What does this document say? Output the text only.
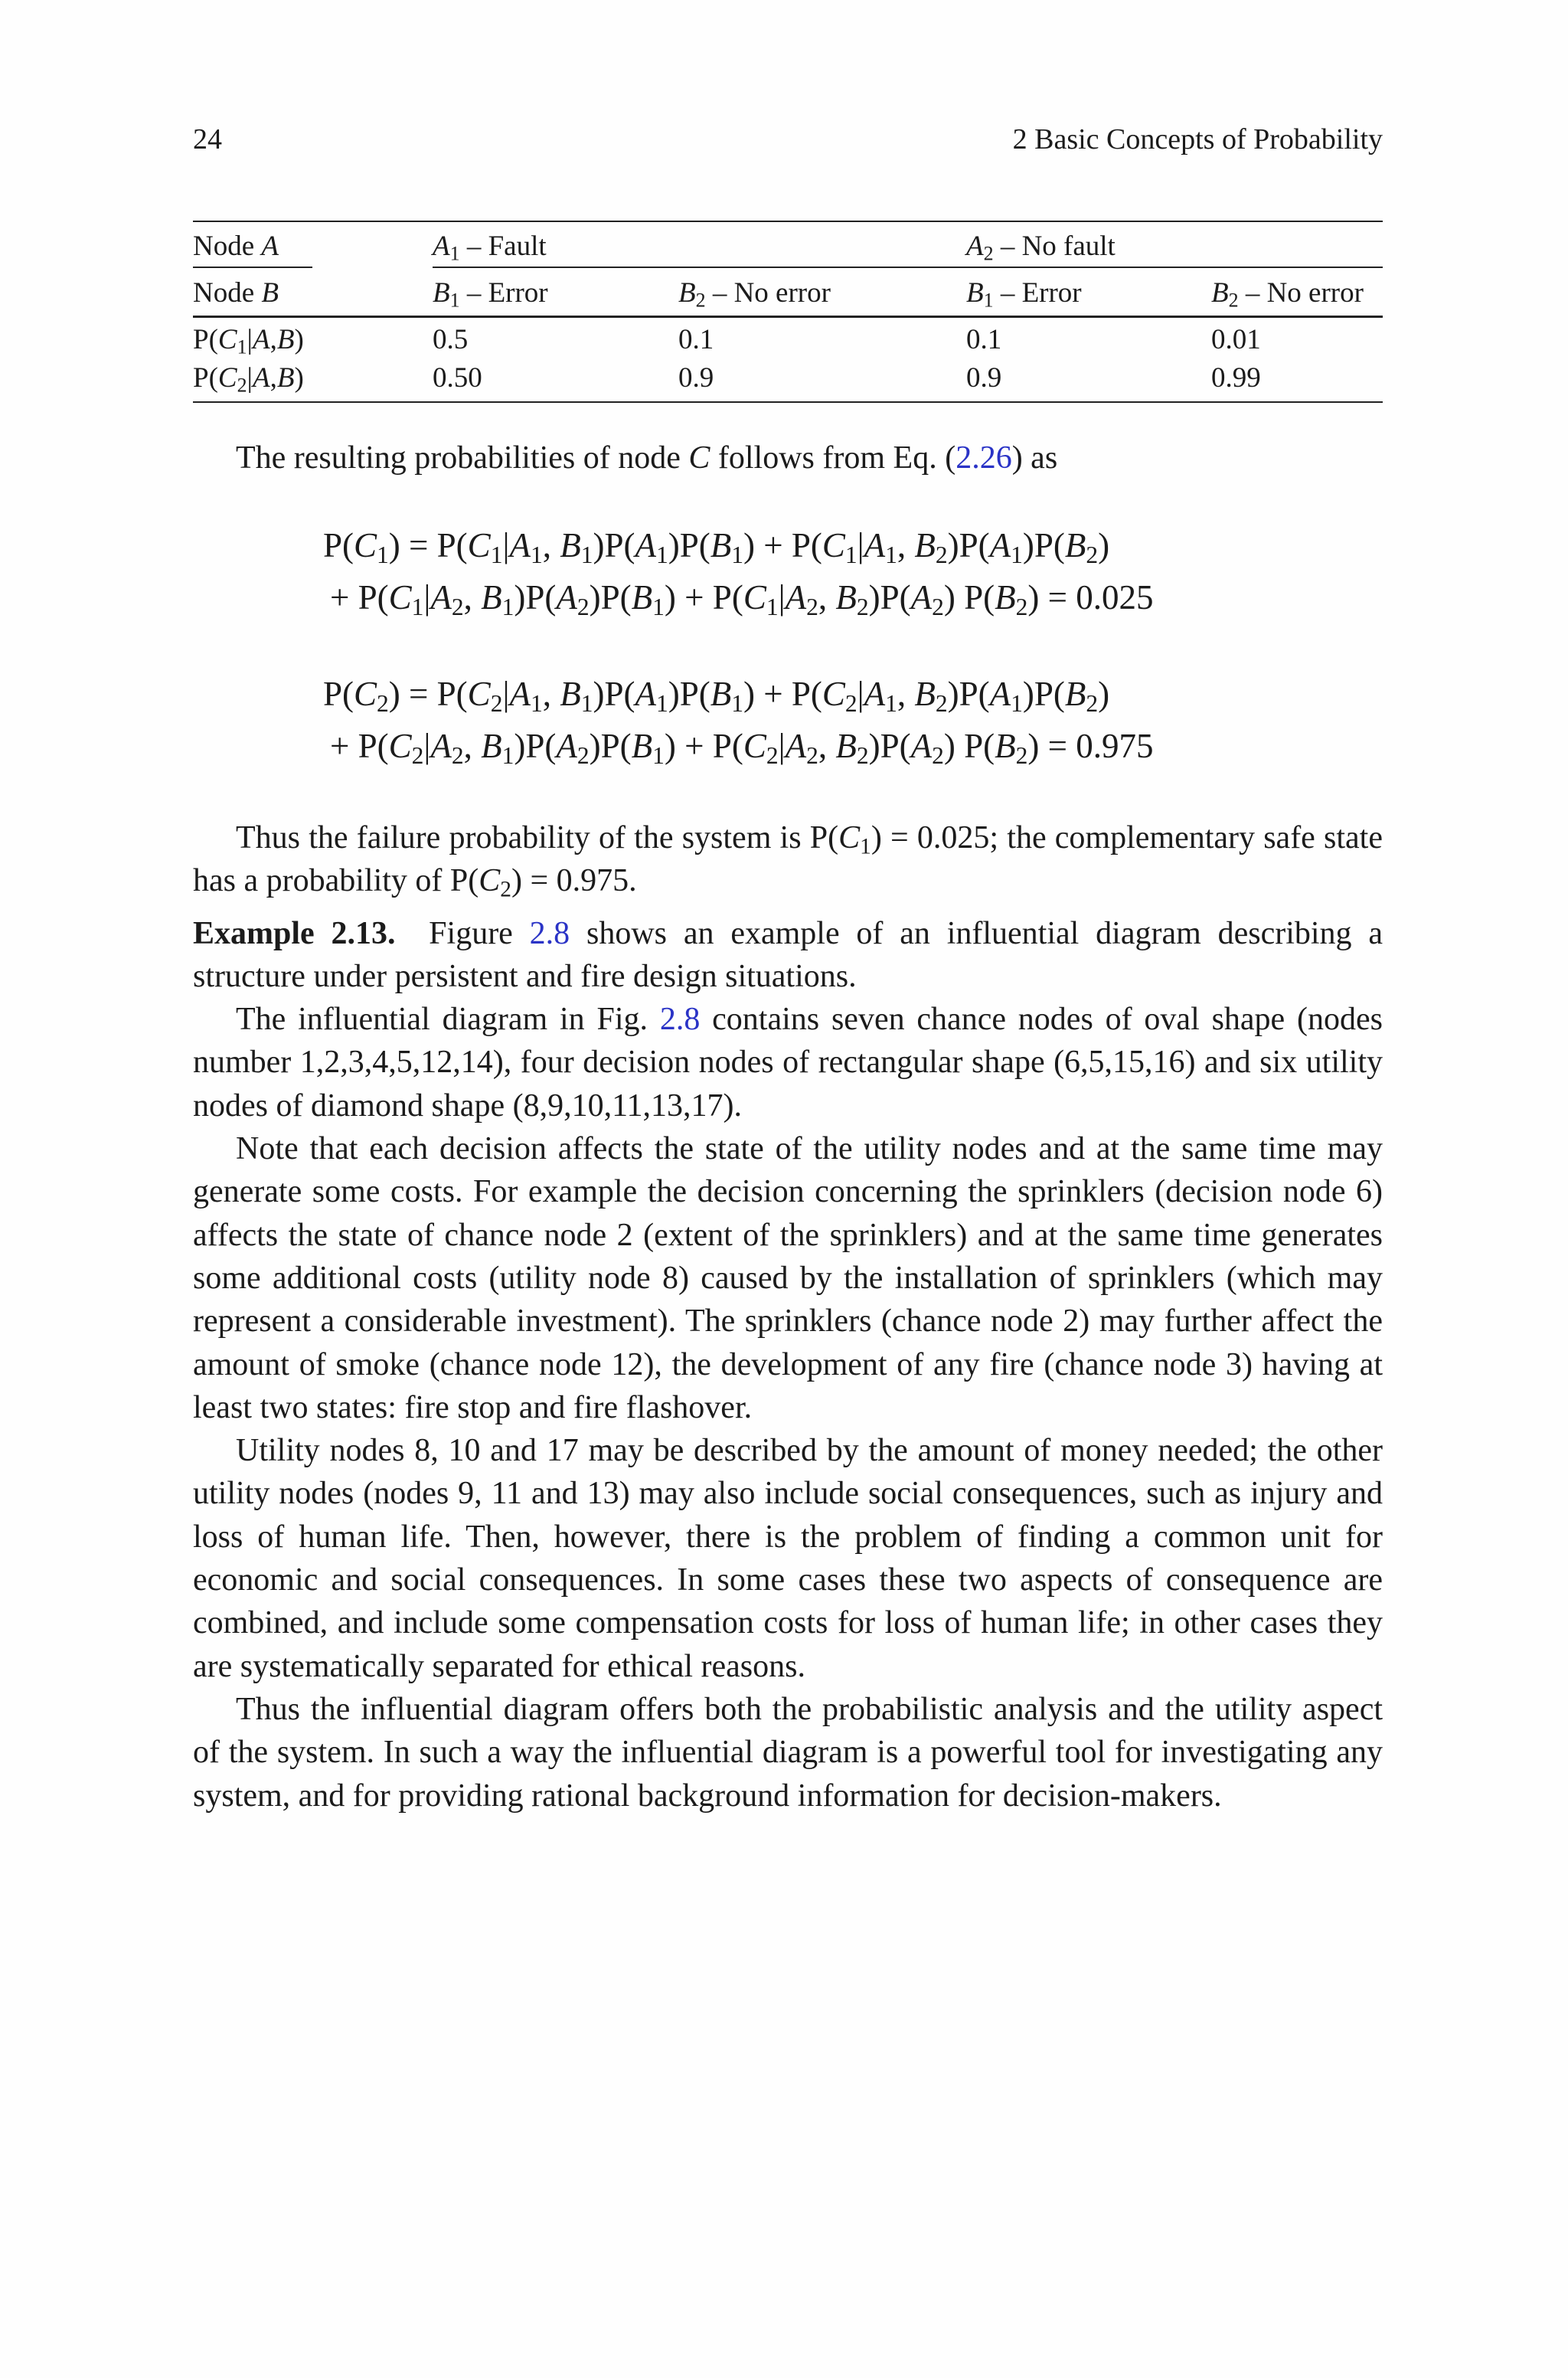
24	2 Basic Concepts of Probability
Node A	$A_1$ – Fault	$A_2$ – No fault
Node B	$B_1$ – Error	$B_2$ – No error	$B_1$ – Error	$B_2$ – No error
$P(C_1|A,B)$	0.5	0.1	0.1	0.01
$P(C_2|A,B)$	0.50	0.9	0.9	0.99

The resulting probabilities of node C follows from Eq. (2.26) as

$P(C_1) = P(C_1|A_1$, $B_1)P(A_1)P(B_1) + P(C_1|A_1$, $B_2)P(A_1)P(B_2)$
+ $P(C_1|A_2$, $B_1)P(A_2)P(B_1) + P(C_1|A_2$, $B_2)P(A_2)$ $P(B_2) = 0.025$
$P(C_2) = P(C_2|A_1$, $B_1)P(A_1)P(B_1) + P(C_2|A_1$, $B_2)P(A_1)P(B_2)$
+ $P(C_2|A_2$, $B_1)P(A_2)P(B_1) + P(C_2|A_2$, $B_2)P(A_2)$ $P(B_2) = 0.975$

Thus the failure probability of the system is $P(C_1) = 0.025$; the complementary safe state has a probability of $P(C_2) = 0.975$.

Example 2.13. Figure 2.8 shows an example of an influential diagram describing a structure under persistent and fire design situations.

The influential diagram in Fig. 2.8 contains seven chance nodes of oval shape (nodes number 1,2,3,4,5,12,14), four decision nodes of rectangular shape (6,5,15,16) and six utility nodes of diamond shape (8,9,10,11,13,17).

Note that each decision affects the state of the utility nodes and at the same time may generate some costs. For example the decision concerning the sprinklers (decision node 6) affects the state of chance node 2 (extent of the sprinklers) and at the same time generates some additional costs (utility node 8) caused by the installation of sprinklers (which may represent a considerable investment). The sprinklers (chance node 2) may further affect the amount of smoke (chance node 12), the development of any fire (chance node 3) having at least two states: fire stop and fire flashover.

Utility nodes 8, 10 and 17 may be described by the amount of money needed; the other utility nodes (nodes 9, 11 and 13) may also include social consequences, such as injury and loss of human life. Then, however, there is the problem of finding a common unit for economic and social consequences. In some cases these two aspects of consequence are combined, and include some compensation costs for loss of human life; in other cases they are systematically separated for ethical reasons.

Thus the influential diagram offers both the probabilistic analysis and the utility aspect of the system. In such a way the influential diagram is a powerful tool for investigating any system, and for providing rational background information for decision-makers.
